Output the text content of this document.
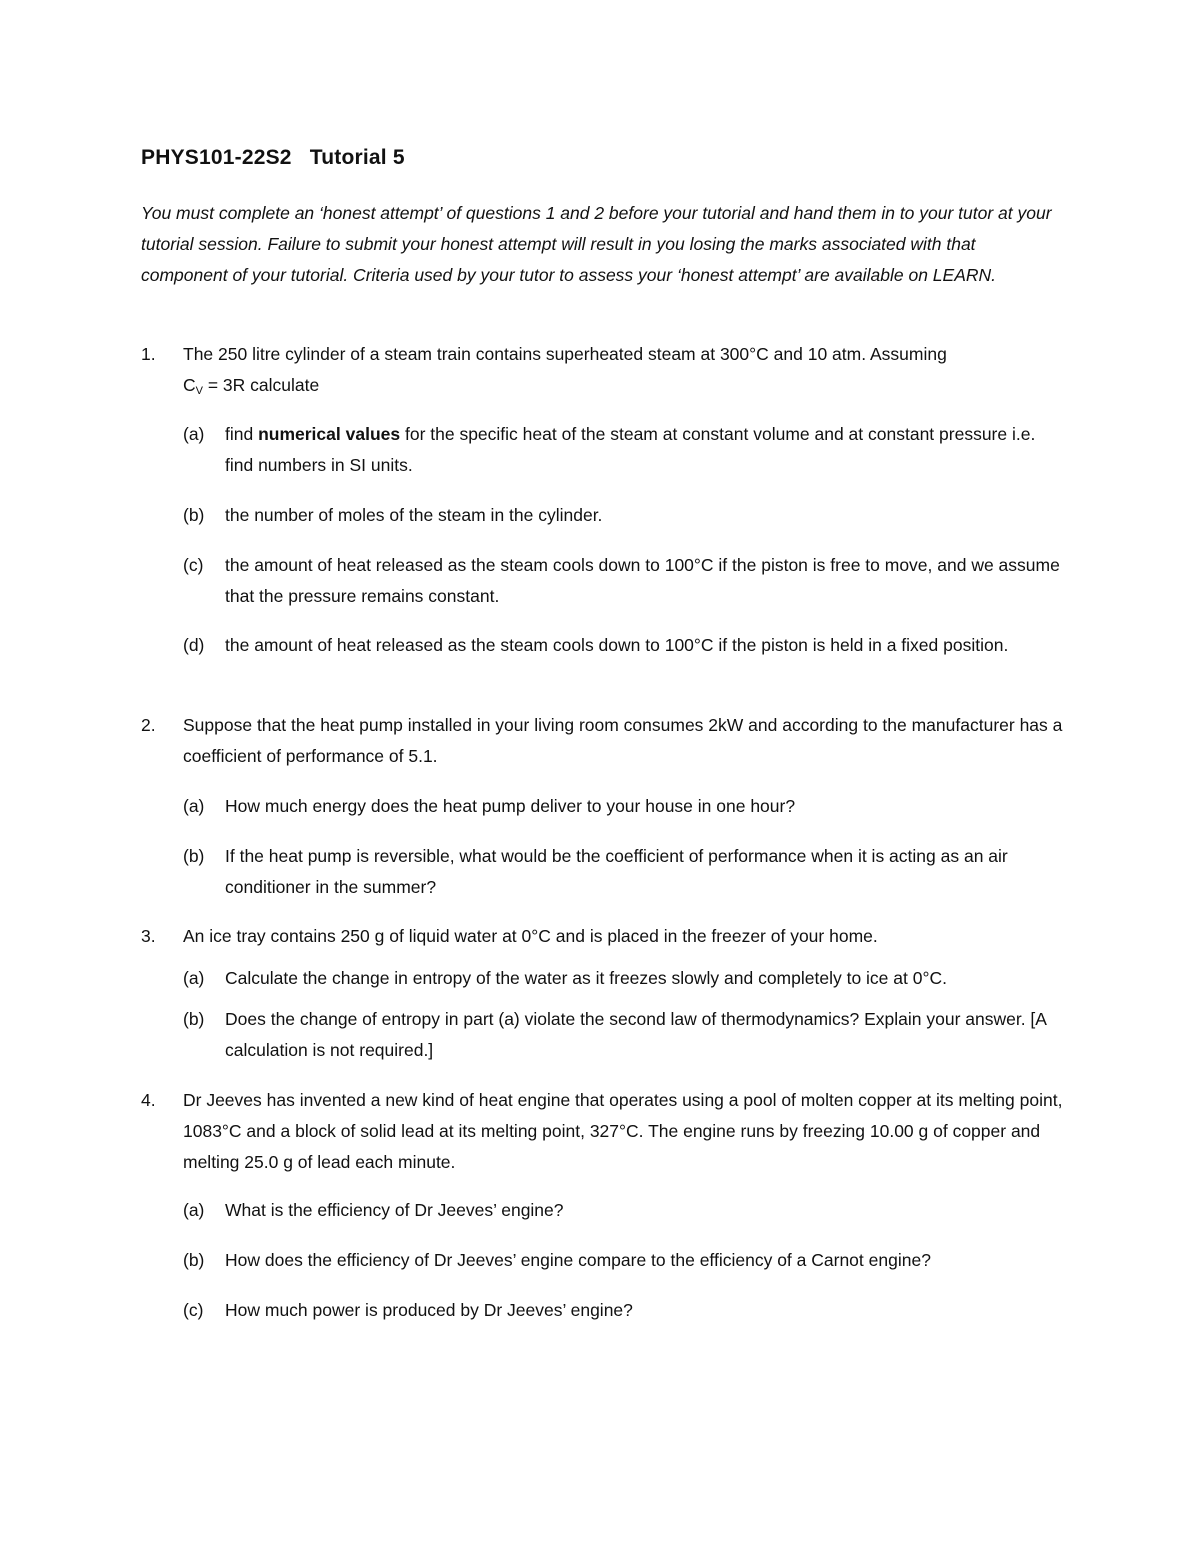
PHYS101-22S2   Tutorial 5
You must complete an ‘honest attempt’ of questions 1 and 2 before your tutorial and hand them in to your tutor at your tutorial session. Failure to submit your honest attempt will result in you losing the marks associated with that component of your tutorial. Criteria used by your tutor to assess your ‘honest attempt’ are available on LEARN.
1.	The 250 litre cylinder of a steam train contains superheated steam at 300°C and 10 atm. Assuming
$C_V = 3R$ calculate
(a)	find numerical values for the specific heat of the steam at constant volume and at constant pressure i.e. find numbers in SI units.
(b)	the number of moles of the steam in the cylinder.
(c)	the amount of heat released as the steam cools down to 100°C if the piston is free to move, and we assume that the pressure remains constant.
(d)	the amount of heat released as the steam cools down to 100°C if the piston is held in a fixed position.
2.	Suppose that the heat pump installed in your living room consumes 2kW and according to the manufacturer has a coefficient of performance of 5.1.
(a)	How much energy does the heat pump deliver to your house in one hour?
(b)	If the heat pump is reversible, what would be the coefficient of performance when it is acting as an air conditioner in the summer?
3.	An ice tray contains 250 g of liquid water at 0°C and is placed in the freezer of your home.
(a)	Calculate the change in entropy of the water as it freezes slowly and completely to ice at 0°C.
(b)	Does the change of entropy in part (a) violate the second law of thermodynamics? Explain your answer. [A calculation is not required.]
4.	Dr Jeeves has invented a new kind of heat engine that operates using a pool of molten copper at its melting point, 1083°C and a block of solid lead at its melting point, 327°C. The engine runs by freezing 10.00 g of copper and melting 25.0 g of lead each minute.
(a)	What is the efficiency of Dr Jeeves’ engine?
(b)	How does the efficiency of Dr Jeeves’ engine compare to the efficiency of a Carnot engine?
(c)	How much power is produced by Dr Jeeves’ engine?
